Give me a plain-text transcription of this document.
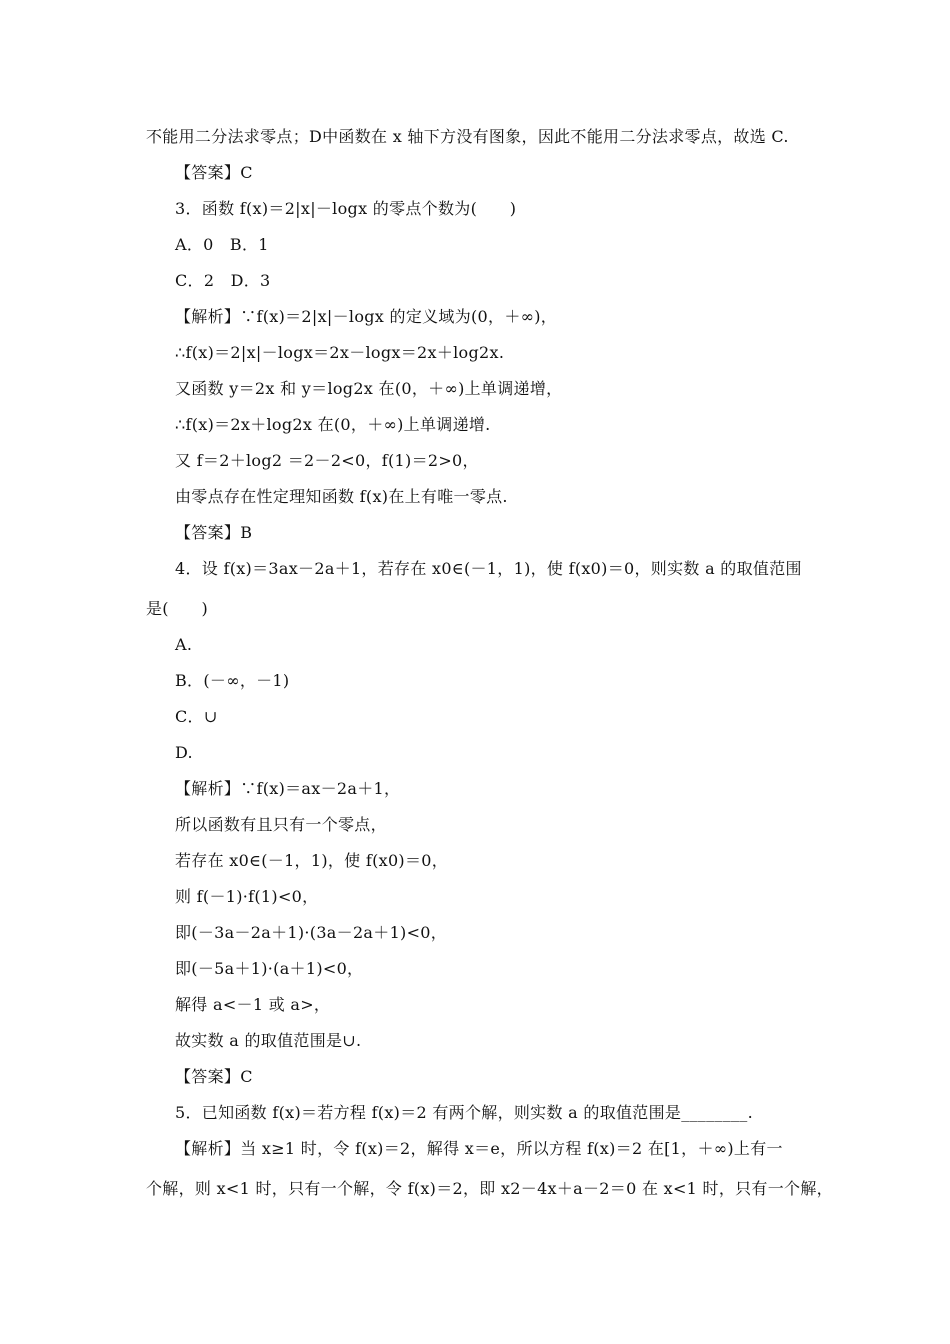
不能用二分法求零点；D中函数在 x 轴下方没有图象，因此不能用二分法求零点，故选 C.
【答案】C
3．函数 f(x)＝2|x|－logx 的零点个数为(　　)
A．0　B．1
C．2　D．3
【解析】∵f(x)＝2|x|－logx 的定义域为(0，＋∞)，
∴f(x)＝2|x|－logx＝2x－logx＝2x＋log2x.
又函数 y＝2x 和 y＝log2x 在(0，＋∞)上单调递增，
∴f(x)＝2x＋log2x 在(0，＋∞)上单调递增.
又 f＝2＋log2 ＝2－2<0，f(1)＝2>0，
由零点存在性定理知函数 f(x)在上有唯一零点.
【答案】B
4．设 f(x)＝3ax－2a＋1，若存在 x0∈(－1，1)，使 f(x0)＝0，则实数 a 的取值范围
是(　　)
A.
B．(－∞，－1)
C．∪
D.
【解析】∵f(x)＝ax－2a＋1，
所以函数有且只有一个零点，
若存在 x0∈(－1，1)，使 f(x0)＝0，
则 f(－1)·f(1)<0，
即(－3a－2a＋1)·(3a－2a＋1)<0，
即(－5a＋1)·(a＋1)<0，
解得 a<－1 或 a>，
故实数 a 的取值范围是∪.
【答案】C
5．已知函数 f(x)＝若方程 f(x)＝2 有两个解，则实数 a 的取值范围是________.
【解析】当 x≥1 时，令 f(x)＝2，解得 x＝e，所以方程 f(x)＝2 在[1，＋∞)上有一
个解，则 x<1 时，只有一个解，令 f(x)＝2，即 x2－4x＋a－2＝0 在 x<1 时，只有一个解，
